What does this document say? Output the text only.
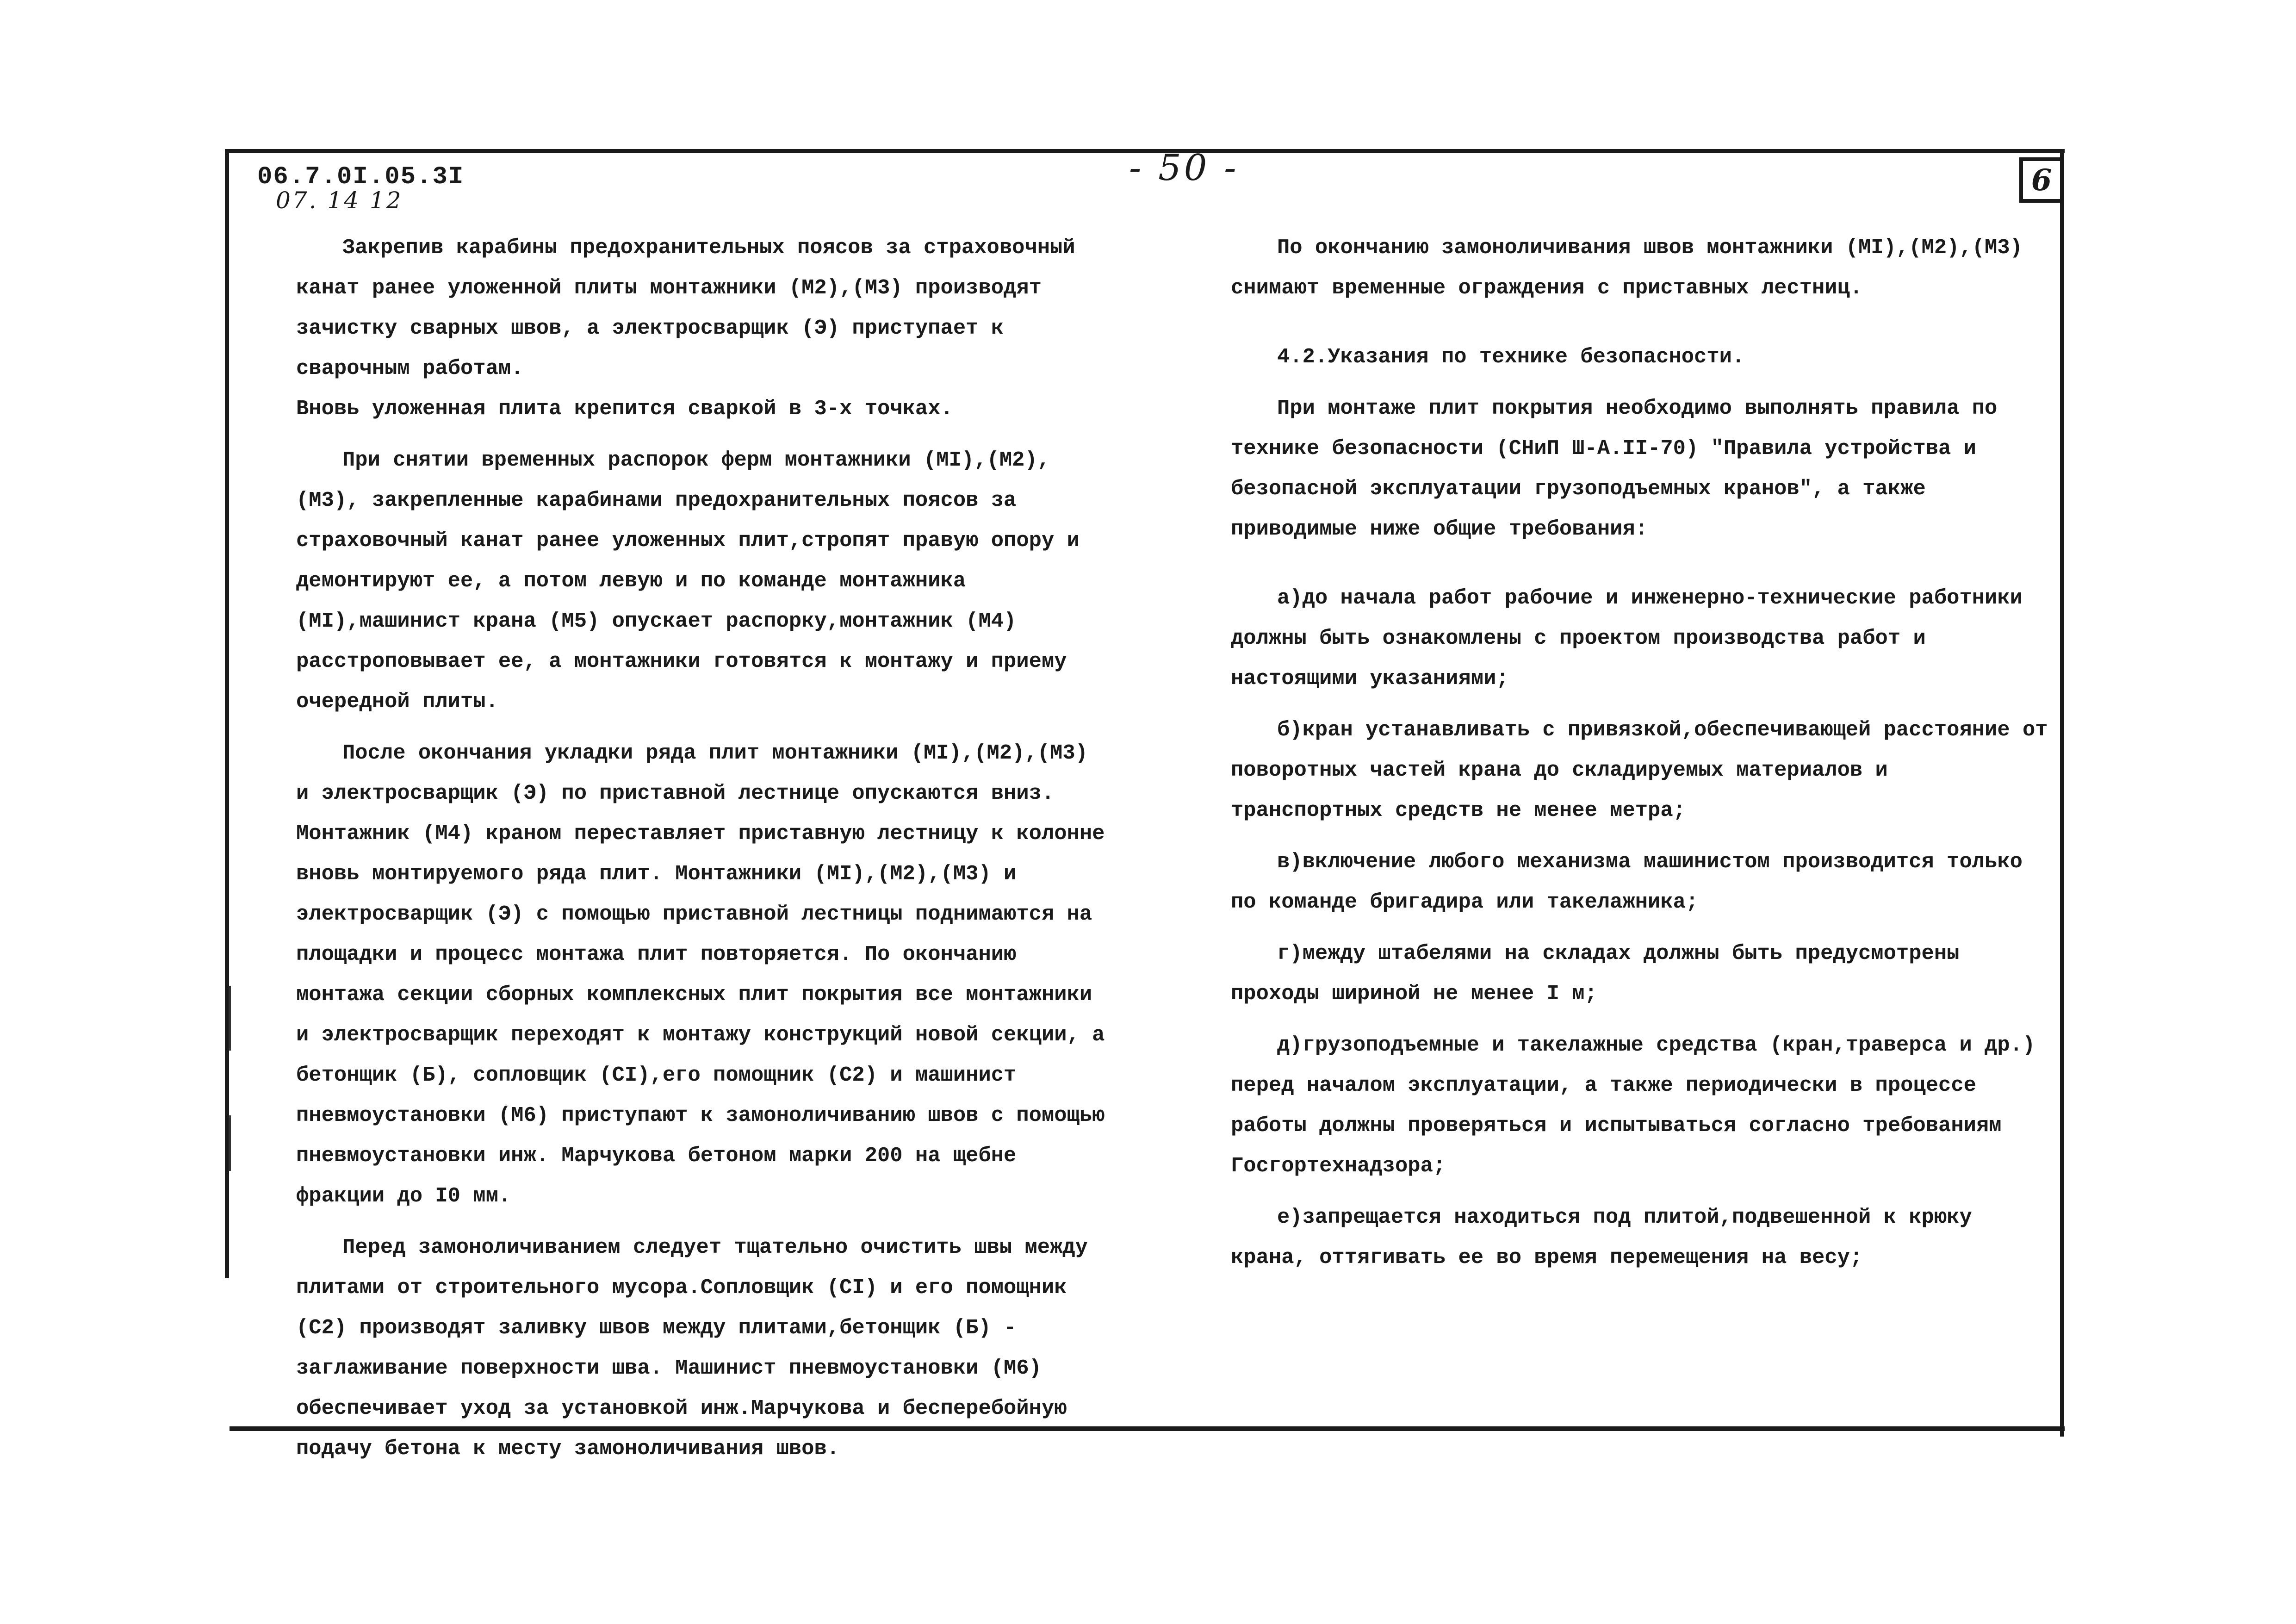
06.7.0I.05.3I
07. 14 12
- 50 -	6

Закрепив карабины предохранительных поясов за страховочный канат ранее уложенной плиты монтажники (М2),(М3) производят зачистку сварных швов, а электросварщик (Э) приступает к сварочным работам.

Вновь уложенная плита крепится сваркой в 3-х точках.

При снятии временных распорок ферм монтажники (МI),(М2),(М3), закрепленные карабинами предохранительных поясов за страховочный канат ранее уложенных плит,стропят правую опору и демонтируют ее, а потом левую и по команде монтажника (МI),машинист крана (М5) опускает распорку,монтажник (М4) расстроповывает ее, а монтажники готовятся к монтажу и приему очередной плиты.

После окончания укладки ряда плит монтажники (МI),(М2),(М3) и электросварщик (Э) по приставной лестнице опускаются вниз. Монтажник (М4) краном переставляет приставную лестницу к колонне вновь монтируемого ряда плит. Монтажники (МI),(М2),(М3) и электросварщик (Э) с помощью приставной лестницы поднимаются на площадки и процесс монтажа плит повторяется. По окончанию монтажа секции сборных комплексных плит покрытия все монтажники и электросварщик переходят к монтажу конструкций новой секции, а бетонщик (Б), сопловщик (СI),его помощник (С2) и машинист пневмоустановки (М6) приступают к замоноличиванию швов с помощью пневмоустановки инж. Марчукова бетоном марки 200 на щебне фракции до I0 мм.

Перед замоноличиванием следует тщательно очистить швы между плитами от строительного мусора.Сопловщик (СI) и его помощник (С2) производят заливку швов между плитами,бетонщик (Б) - заглаживание поверхности шва. Машинист пневмоустановки (М6) обеспечивает уход за установкой инж.Марчукова и бесперебойную подачу бетона к месту замоноличивания швов.

По окончанию замоноличивания швов монтажники (МI),(М2),(М3) снимают временные ограждения с приставных лестниц.

4.2.Указания по технике безопасности.

При монтаже плит покрытия необходимо выполнять правила по технике безопасности (СНиП Ш-А.II-70) "Правила устройства и безопасной эксплуатации грузоподъемных кранов", а также приводимые ниже общие требования:

а)до начала работ рабочие и инженерно-технические работники должны быть ознакомлены с проектом производства работ и настоящими указаниями;

б)кран устанавливать с привязкой,обеспечивающей расстояние от поворотных частей крана до складируемых материалов и транспортных средств не менее метра;

в)включение любого механизма машинистом производится только по команде бригадира или такелажника;

г)между штабелями на складах должны быть предусмотрены проходы шириной не менее I м;

д)грузоподъемные и такелажные средства (кран,траверса и др.) перед началом эксплуатации, а также периодически в процессе работы должны проверяться и испытываться согласно требованиям Госгортехнадзора;

е)запрещается находиться под плитой,подвешенной к крюку крана, оттягивать ее во время перемещения на весу;
